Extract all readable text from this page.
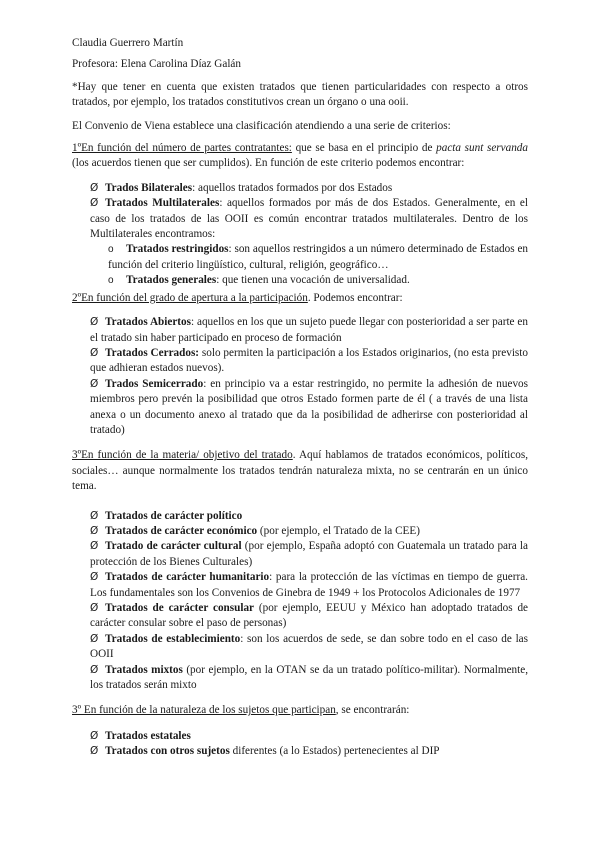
Claudia Guerrero Martín

Profesora: Elena Carolina Díaz Galán

*Hay que tener en cuenta que existen tratados que tienen particularidades con respecto a otros tratados, por ejemplo, los tratados constitutivos crean un órgano o una ooii.

El Convenio de Viena establece una clasificación atendiendo a una serie de criterios:

1ºEn función del número de partes contratantes: que se basa en el principio de pacta sunt servanda (los acuerdos tienen que ser cumplidos). En función de este criterio podemos encontrar:

Ø Trados Bilaterales: aquellos tratados formados por dos Estados
Ø Tratados Multilaterales: aquellos formados por más de dos Estados. Generalmente, en el caso de los tratados de las OOII es común encontrar tratados multilaterales. Dentro de los Multilaterales encontramos:
o Tratados restringidos: son aquellos restringidos a un número determinado de Estados en función del criterio lingüístico, cultural, religión, geográfico…
o Tratados generales: que tienen una vocación de universalidad.

2ºEn función del grado de apertura a la participación. Podemos encontrar:

Ø Tratados Abiertos: aquellos en los que un sujeto puede llegar con posterioridad a ser parte en el tratado sin haber participado en proceso de formación
Ø Tratados Cerrados: solo permiten la participación a los Estados originarios, (no esta previsto que adhieran estados nuevos).
Ø Trados Semicerrado: en principio va a estar restringido, no permite la adhesión de nuevos miembros pero prevén la posibilidad que otros Estado formen parte de él ( a través de una lista anexa o un documento anexo al tratado que da la posibilidad de adherirse con posterioridad al tratado)

3ºEn función de la materia/ objetivo del tratado. Aquí hablamos de tratados económicos, políticos, sociales… aunque normalmente los tratados tendrán naturaleza mixta, no se centrarán en un único tema.

Ø Tratados de carácter político
Ø Tratados de carácter económico (por ejemplo, el Tratado de la CEE)
Ø Tratado de carácter cultural (por ejemplo, España adoptó con Guatemala un tratado para la protección de los Bienes Culturales)
Ø Tratados de carácter humanitario: para la protección de las víctimas en tiempo de guerra. Los fundamentales son los Convenios de Ginebra de 1949 + los Protocolos Adicionales de 1977
Ø Tratados de carácter consular (por ejemplo, EEUU y México han adoptado tratados de carácter consular sobre el paso de personas)
Ø Tratados de establecimiento: son los acuerdos de sede, se dan sobre todo en el caso de las OOII
Ø Tratados mixtos (por ejemplo, en la OTAN se da un tratado político-militar). Normalmente, los tratados serán mixto

3º En función de la naturaleza de los sujetos que participan, se encontrarán:

Ø Tratados estatales
Ø Tratados con otros sujetos diferentes (a lo Estados) pertenecientes al DIP
